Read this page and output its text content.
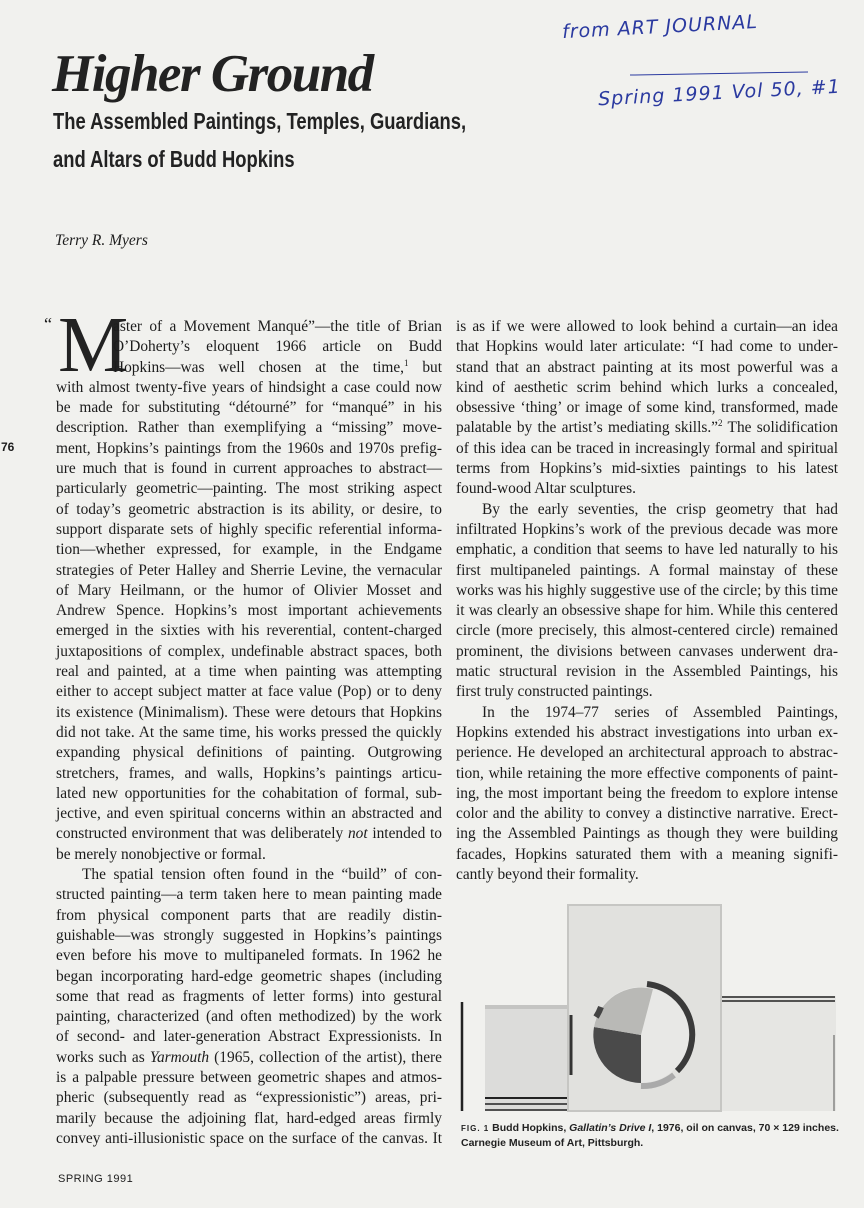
Higher Ground
The Assembled Paintings, Temples, Guardians,
and Altars of Budd Hopkins
Terry R. Myers
from ART JOURNAL
Spring 1991 Vol 50, #1
“ M
76
aster of a Movement Manqué”—the title of Brian
O’Doherty’s eloquent 1966 article on Budd
Hopkins—was well chosen at the time,$^1$ but
with almost twenty-five years of hindsight a case could now
be made for substituting “détourné” for “manqué” in his
description. Rather than exemplifying a “missing” move-
ment, Hopkins’s paintings from the 1960s and 1970s prefig-
ure much that is found in current approaches to abstract—
particularly geometric—painting. The most striking aspect
of today’s geometric abstraction is its ability, or desire, to
support disparate sets of highly specific referential informa-
tion—whether expressed, for example, in the Endgame
strategies of Peter Halley and Sherrie Levine, the vernacular
of Mary Heilmann, or the humor of Olivier Mosset and
Andrew Spence. Hopkins’s most important achievements
emerged in the sixties with his reverential, content-charged
juxtapositions of complex, undefinable abstract spaces, both
real and painted, at a time when painting was attempting
either to accept subject matter at face value (Pop) or to deny
its existence (Minimalism). These were detours that Hopkins
did not take. At the same time, his works pressed the quickly
expanding physical definitions of painting. Outgrowing
stretchers, frames, and walls, Hopkins’s paintings articu-
lated new opportunities for the cohabitation of formal, sub-
jective, and even spiritual concerns within an abstracted and
constructed environment that was deliberately not intended to
be merely nonobjective or formal.
The spatial tension often found in the “build” of con-
structed painting—a term taken here to mean painting made
from physical component parts that are readily distin-
guishable—was strongly suggested in Hopkins’s paintings
even before his move to multipaneled formats. In 1962 he
began incorporating hard-edge geometric shapes (including
some that read as fragments of letter forms) into gestural
painting, characterized (and often methodized) by the work
of second- and later-generation Abstract Expressionists. In
works such as Yarmouth (1965, collection of the artist), there
is a palpable pressure between geometric shapes and atmos-
pheric (subsequently read as “expressionistic”) areas, pri-
marily because the adjoining flat, hard-edged areas firmly
convey anti-illusionistic space on the surface of the canvas. It
is as if we were allowed to look behind a curtain—an idea
that Hopkins would later articulate: “I had come to under-
stand that an abstract painting at its most powerful was a
kind of aesthetic scrim behind which lurks a concealed,
obsessive ‘thing’ or image of some kind, transformed, made
palatable by the artist’s mediating skills.”$^2$ The solidification
of this idea can be traced in increasingly formal and spiritual
terms from Hopkins’s mid-sixties paintings to his latest
found-wood Altar sculptures.
By the early seventies, the crisp geometry that had
infiltrated Hopkins’s work of the previous decade was more
emphatic, a condition that seems to have led naturally to his
first multipaneled paintings. A formal mainstay of these
works was his highly suggestive use of the circle; by this time
it was clearly an obsessive shape for him. While this centered
circle (more precisely, this almost-centered circle) remained
prominent, the divisions between canvases underwent dra-
matic structural revision in the Assembled Paintings, his
first truly constructed paintings.
In the 1974–77 series of Assembled Paintings,
Hopkins extended his abstract investigations into urban ex-
perience. He developed an architectural approach to abstrac-
tion, while retaining the more effective components of paint-
ing, the most important being the freedom to explore intense
color and the ability to convey a distinctive narrative. Erect-
ing the Assembled Paintings as though they were building
facades, Hopkins saturated them with a meaning signifi-
cantly beyond their formality.
FIG. 1 Budd Hopkins, Gallatin’s Drive I, 1976, oil on canvas, 70 × 129 inches.
Carnegie Museum of Art, Pittsburgh.
SPRING 1991
